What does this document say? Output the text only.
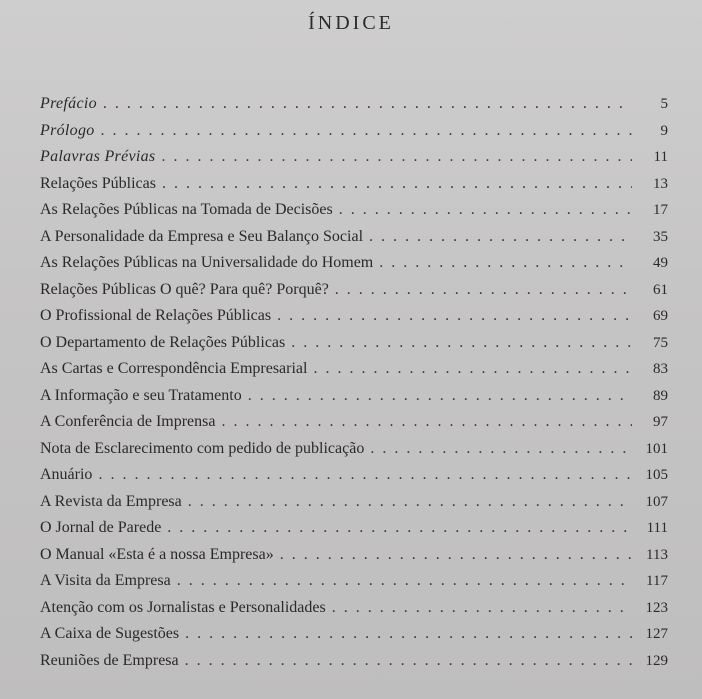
ÍNDICE
Prefácio . . .	5
Prólogo . . .	9
Palavras Prévias . . .	11
Relações Públicas . . .	13
As Relações Públicas na Tomada de Decisões . . .	17
A Personalidade da Empresa e Seu Balanço Social . . .	35
As Relações Públicas na Universalidade do Homem . . .	49
Relações Públicas O quê? Para quê? Porquê? . . .	61
O Profissional de Relações Públicas . . .	69
O Departamento de Relações Públicas . . .	75
As Cartas e Correspondência Empresarial . . .	83
A Informação e seu Tratamento . . .	89
A Conferência de Imprensa . . .	97
Nota de Esclarecimento com pedido de publicação . . .	101
Anuário . . .	105
A Revista da Empresa . . .	107
O Jornal de Parede . . .	111
O Manual «Esta é a nossa Empresa» . . .	113
A Visita da Empresa . . .	117
Atenção com os Jornalistas e Personalidades . . .	123
A Caixa de Sugestões . . .	127
Reuniões de Empresa . . .	129
